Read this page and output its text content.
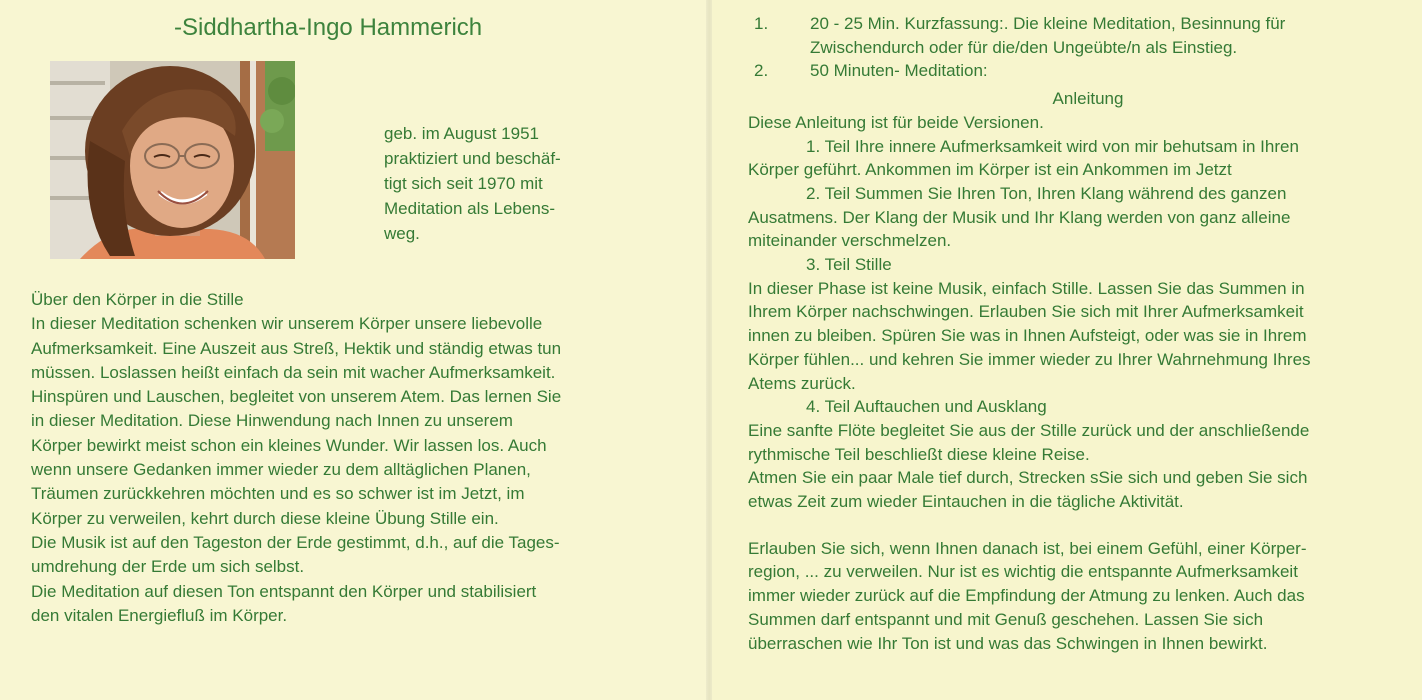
-Siddhartha-Ingo Hammerich
geb. im August 1951
praktiziert und beschäf-
tigt sich seit 1970 mit
Meditation als Lebens-
weg.
Über den Körper in die Stille
In dieser Meditation schenken wir unserem Körper unsere liebevolle
Aufmerksamkeit. Eine Auszeit aus Streß, Hektik und ständig etwas tun
müssen. Loslassen heißt einfach da sein mit wacher Aufmerksamkeit.
Hinspüren und Lauschen, begleitet von unserem Atem. Das lernen Sie
in dieser Meditation. Diese Hinwendung nach Innen zu unserem
Körper bewirkt meist schon ein kleines Wunder. Wir lassen los. Auch
wenn unsere Gedanken immer wieder zu dem alltäglichen Planen,
Träumen zurückkehren möchten und es so schwer ist im Jetzt, im
Körper zu verweilen, kehrt durch diese kleine Übung Stille ein.
Die Musik ist auf den Tageston der Erde gestimmt, d.h., auf die Tages-
umdrehung der Erde um sich selbst.
Die Meditation auf diesen Ton entspannt den Körper und stabilisiert
den vitalen Energiefluß im Körper.
1. 20 - 25 Min. Kurzfassung:. Die kleine Meditation, Besinnung für
Zwischendurch oder für die/den Ungeübte/n als Einstieg.
2. 50 Minuten- Meditation:
Anleitung
Diese Anleitung ist für beide Versionen.
1. Teil Ihre innere Aufmerksamkeit wird von mir behutsam in Ihren
Körper geführt. Ankommen im Körper ist ein Ankommen im Jetzt
2. Teil Summen Sie Ihren Ton, Ihren Klang während des ganzen
Ausatmens. Der Klang der Musik und Ihr Klang werden von ganz alleine
miteinander verschmelzen.
3. Teil Stille
In dieser Phase ist keine Musik, einfach Stille. Lassen Sie das Summen in
Ihrem Körper nachschwingen. Erlauben Sie sich mit Ihrer Aufmerksamkeit
innen zu bleiben. Spüren Sie was in Ihnen Aufsteigt, oder was sie in Ihrem
Körper fühlen... und kehren Sie immer wieder zu Ihrer Wahrnehmung Ihres
Atems zurück.
4. Teil Auftauchen und Ausklang
Eine sanfte Flöte begleitet Sie aus der Stille zurück und der anschließende
rythmische Teil beschließt diese kleine Reise.
Atmen Sie ein paar Male tief durch, Strecken sSie sich und geben Sie sich
etwas Zeit zum wieder Eintauchen in die tägliche Aktivität.
Erlauben Sie sich, wenn Ihnen danach ist, bei einem Gefühl, einer Körper-
region, ... zu verweilen. Nur ist es wichtig die entspannte Aufmerksamkeit
immer wieder zurück auf die Empfindung der Atmung zu lenken. Auch das
Summen darf entspannt und mit Genuß geschehen. Lassen Sie sich
überraschen wie Ihr Ton ist und was das Schwingen in Ihnen bewirkt.
